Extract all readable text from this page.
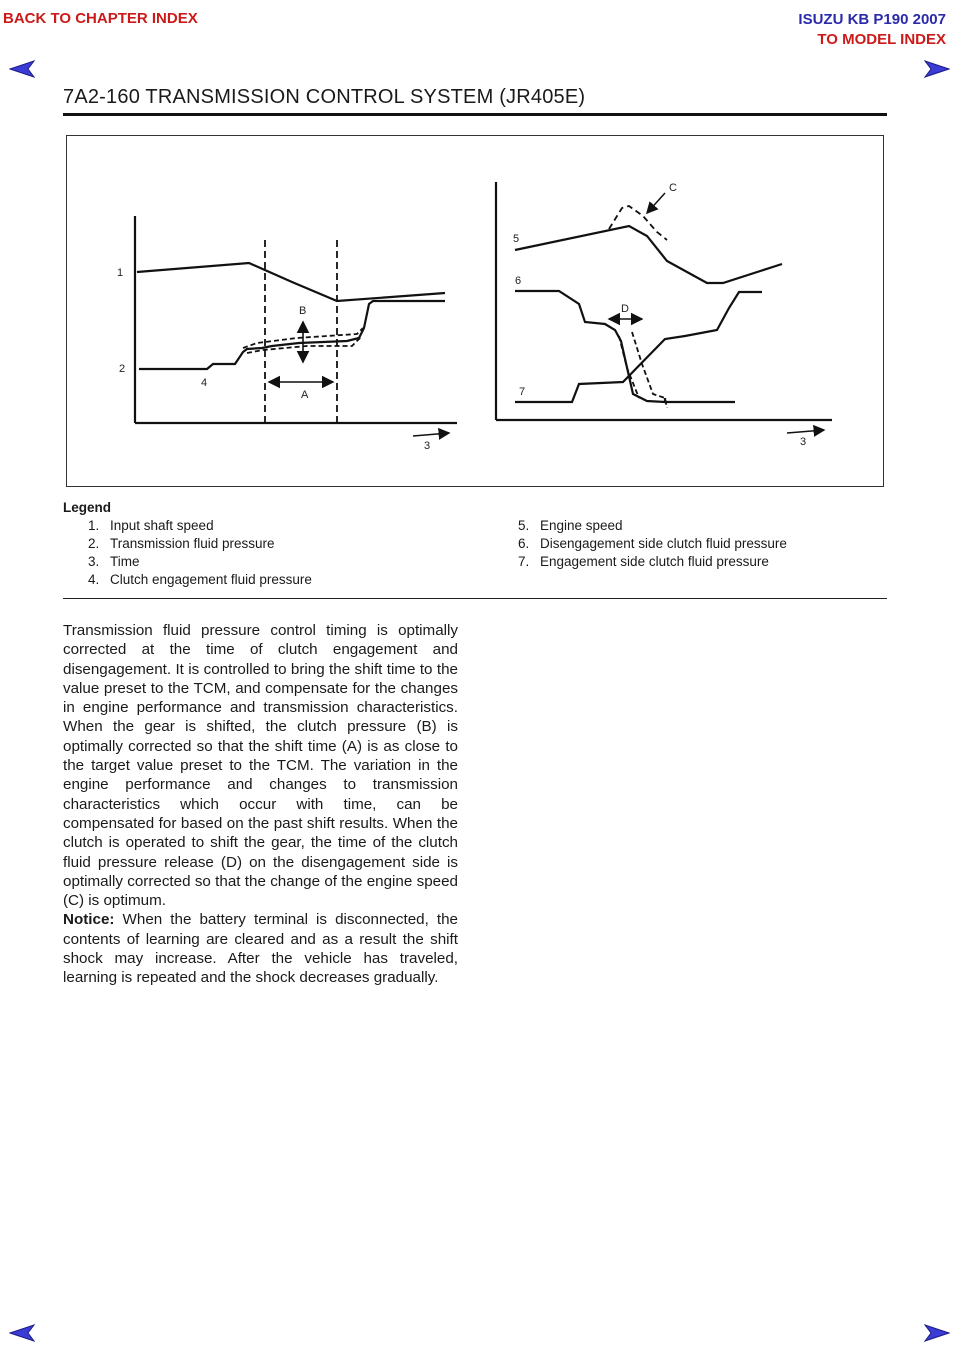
BACK TO CHAPTER INDEX	ISUZU KB P190 2007
TO MODEL INDEX
7A2-160 TRANSMISSION CONTROL SYSTEM (JR405E)
1
2
4
B
A
3
5
6
7
C
D
3
Legend
1. Input shaft speed
2. Transmission fluid pressure
3. Time
4. Clutch engagement fluid pressure
5. Engine speed
6. Disengagement side clutch fluid pressure
7. Engagement side clutch fluid pressure

Transmission fluid pressure control timing is optimally corrected at the time of clutch engagement and disengagement. It is controlled to bring the shift time to the value preset to the TCM, and compensate for the changes in engine performance and transmission characteristics. When the gear is shifted, the clutch pressure (B) is optimally corrected so that the shift time (A) is as close to the target value preset to the TCM. The variation in the engine performance and changes to transmission characteristics which occur with time, can be compensated for based on the past shift results. When the clutch is operated to shift the gear, the time of the clutch fluid pressure release (D) on the disengagement side is optimally corrected so that the change of the engine speed (C) is optimum.

Notice: When the battery terminal is disconnected, the contents of learning are cleared and as a result the shift shock may increase. After the vehicle has traveled, learning is repeated and the shock decreases gradually.
